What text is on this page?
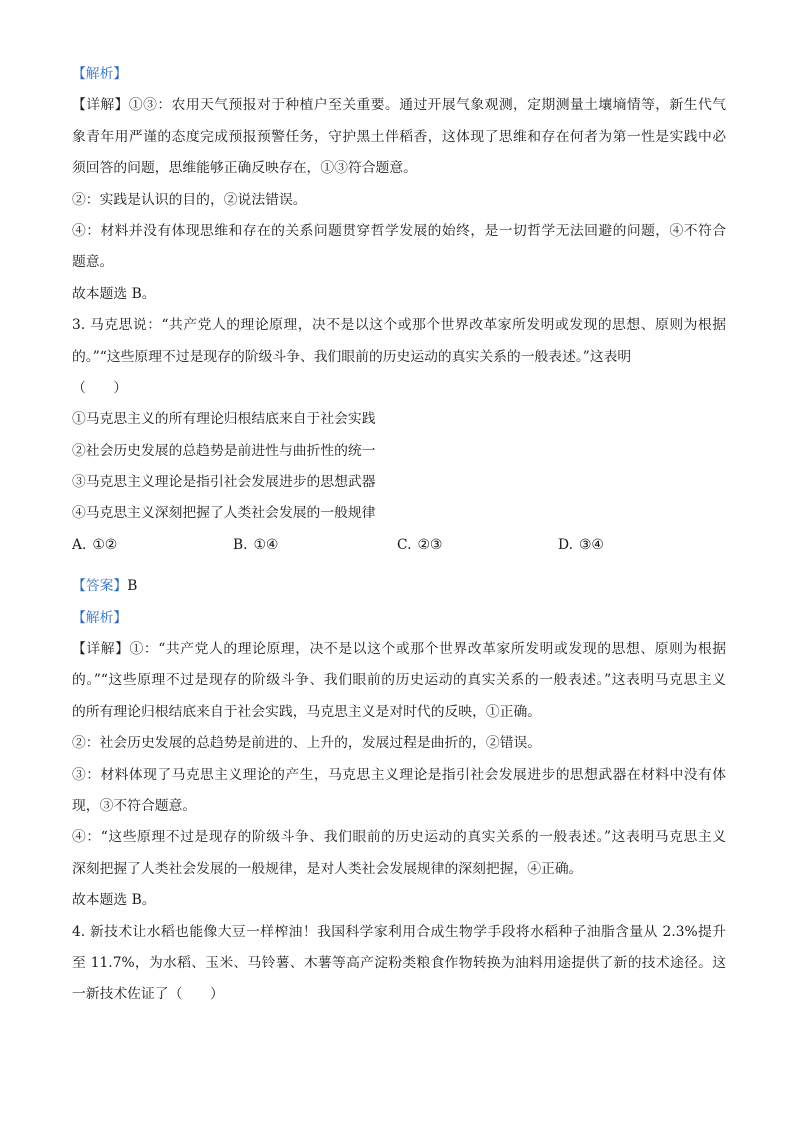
【解析】
【详解】①③：农用天气预报对于种植户至关重要。通过开展气象观测，定期测量土壤墒情等，新生代气
象青年用严谨的态度完成预报预警任务，守护黑土伴稻香，这体现了思维和存在何者为第一性是实践中必
须回答的问题，思维能够正确反映存在，①③符合题意。
②：实践是认识的目的，②说法错误。
④：材料并没有体现思维和存在的关系问题贯穿哲学发展的始终，是一切哲学无法回避的问题，④不符合
题意。
故本题选 B。
3. 马克思说：“共产党人的理论原理，决不是以这个或那个世界改革家所发明或发现的思想、原则为根据
的。”“这些原理不过是现存的阶级斗争、我们眼前的历史运动的真实关系的一般表述。”这表明
（　　）
①马克思主义的所有理论归根结底来自于社会实践
②社会历史发展的总趋势是前进性与曲折性的统一
③马克思主义理论是指引社会发展进步的思想武器
④马克思主义深刻把握了人类社会发展的一般规律
A. ①②	B. ①④	C. ②③	D. ③④
【答案】B
【解析】
【详解】①：“共产党人的理论原理，决不是以这个或那个世界改革家所发明或发现的思想、原则为根据
的。”“这些原理不过是现存的阶级斗争、我们眼前的历史运动的真实关系的一般表述。”这表明马克思主义
的所有理论归根结底来自于社会实践，马克思主义是对时代的反映，①正确。
②：社会历史发展的总趋势是前进的、上升的，发展过程是曲折的，②错误。
③：材料体现了马克思主义理论的产生，马克思主义理论是指引社会发展进步的思想武器在材料中没有体
现，③不符合题意。
④：“这些原理不过是现存的阶级斗争、我们眼前的历史运动的真实关系的一般表述。”这表明马克思主义
深刻把握了人类社会发展的一般规律，是对人类社会发展规律的深刻把握，④正确。
故本题选 B。
4. 新技术让水稻也能像大豆一样榨油！我国科学家利用合成生物学手段将水稻种子油脂含量从 2.3%提升
至 11.7%，为水稻、玉米、马铃薯、木薯等高产淀粉类粮食作物转换为油料用途提供了新的技术途径。这
一新技术佐证了（　　）
